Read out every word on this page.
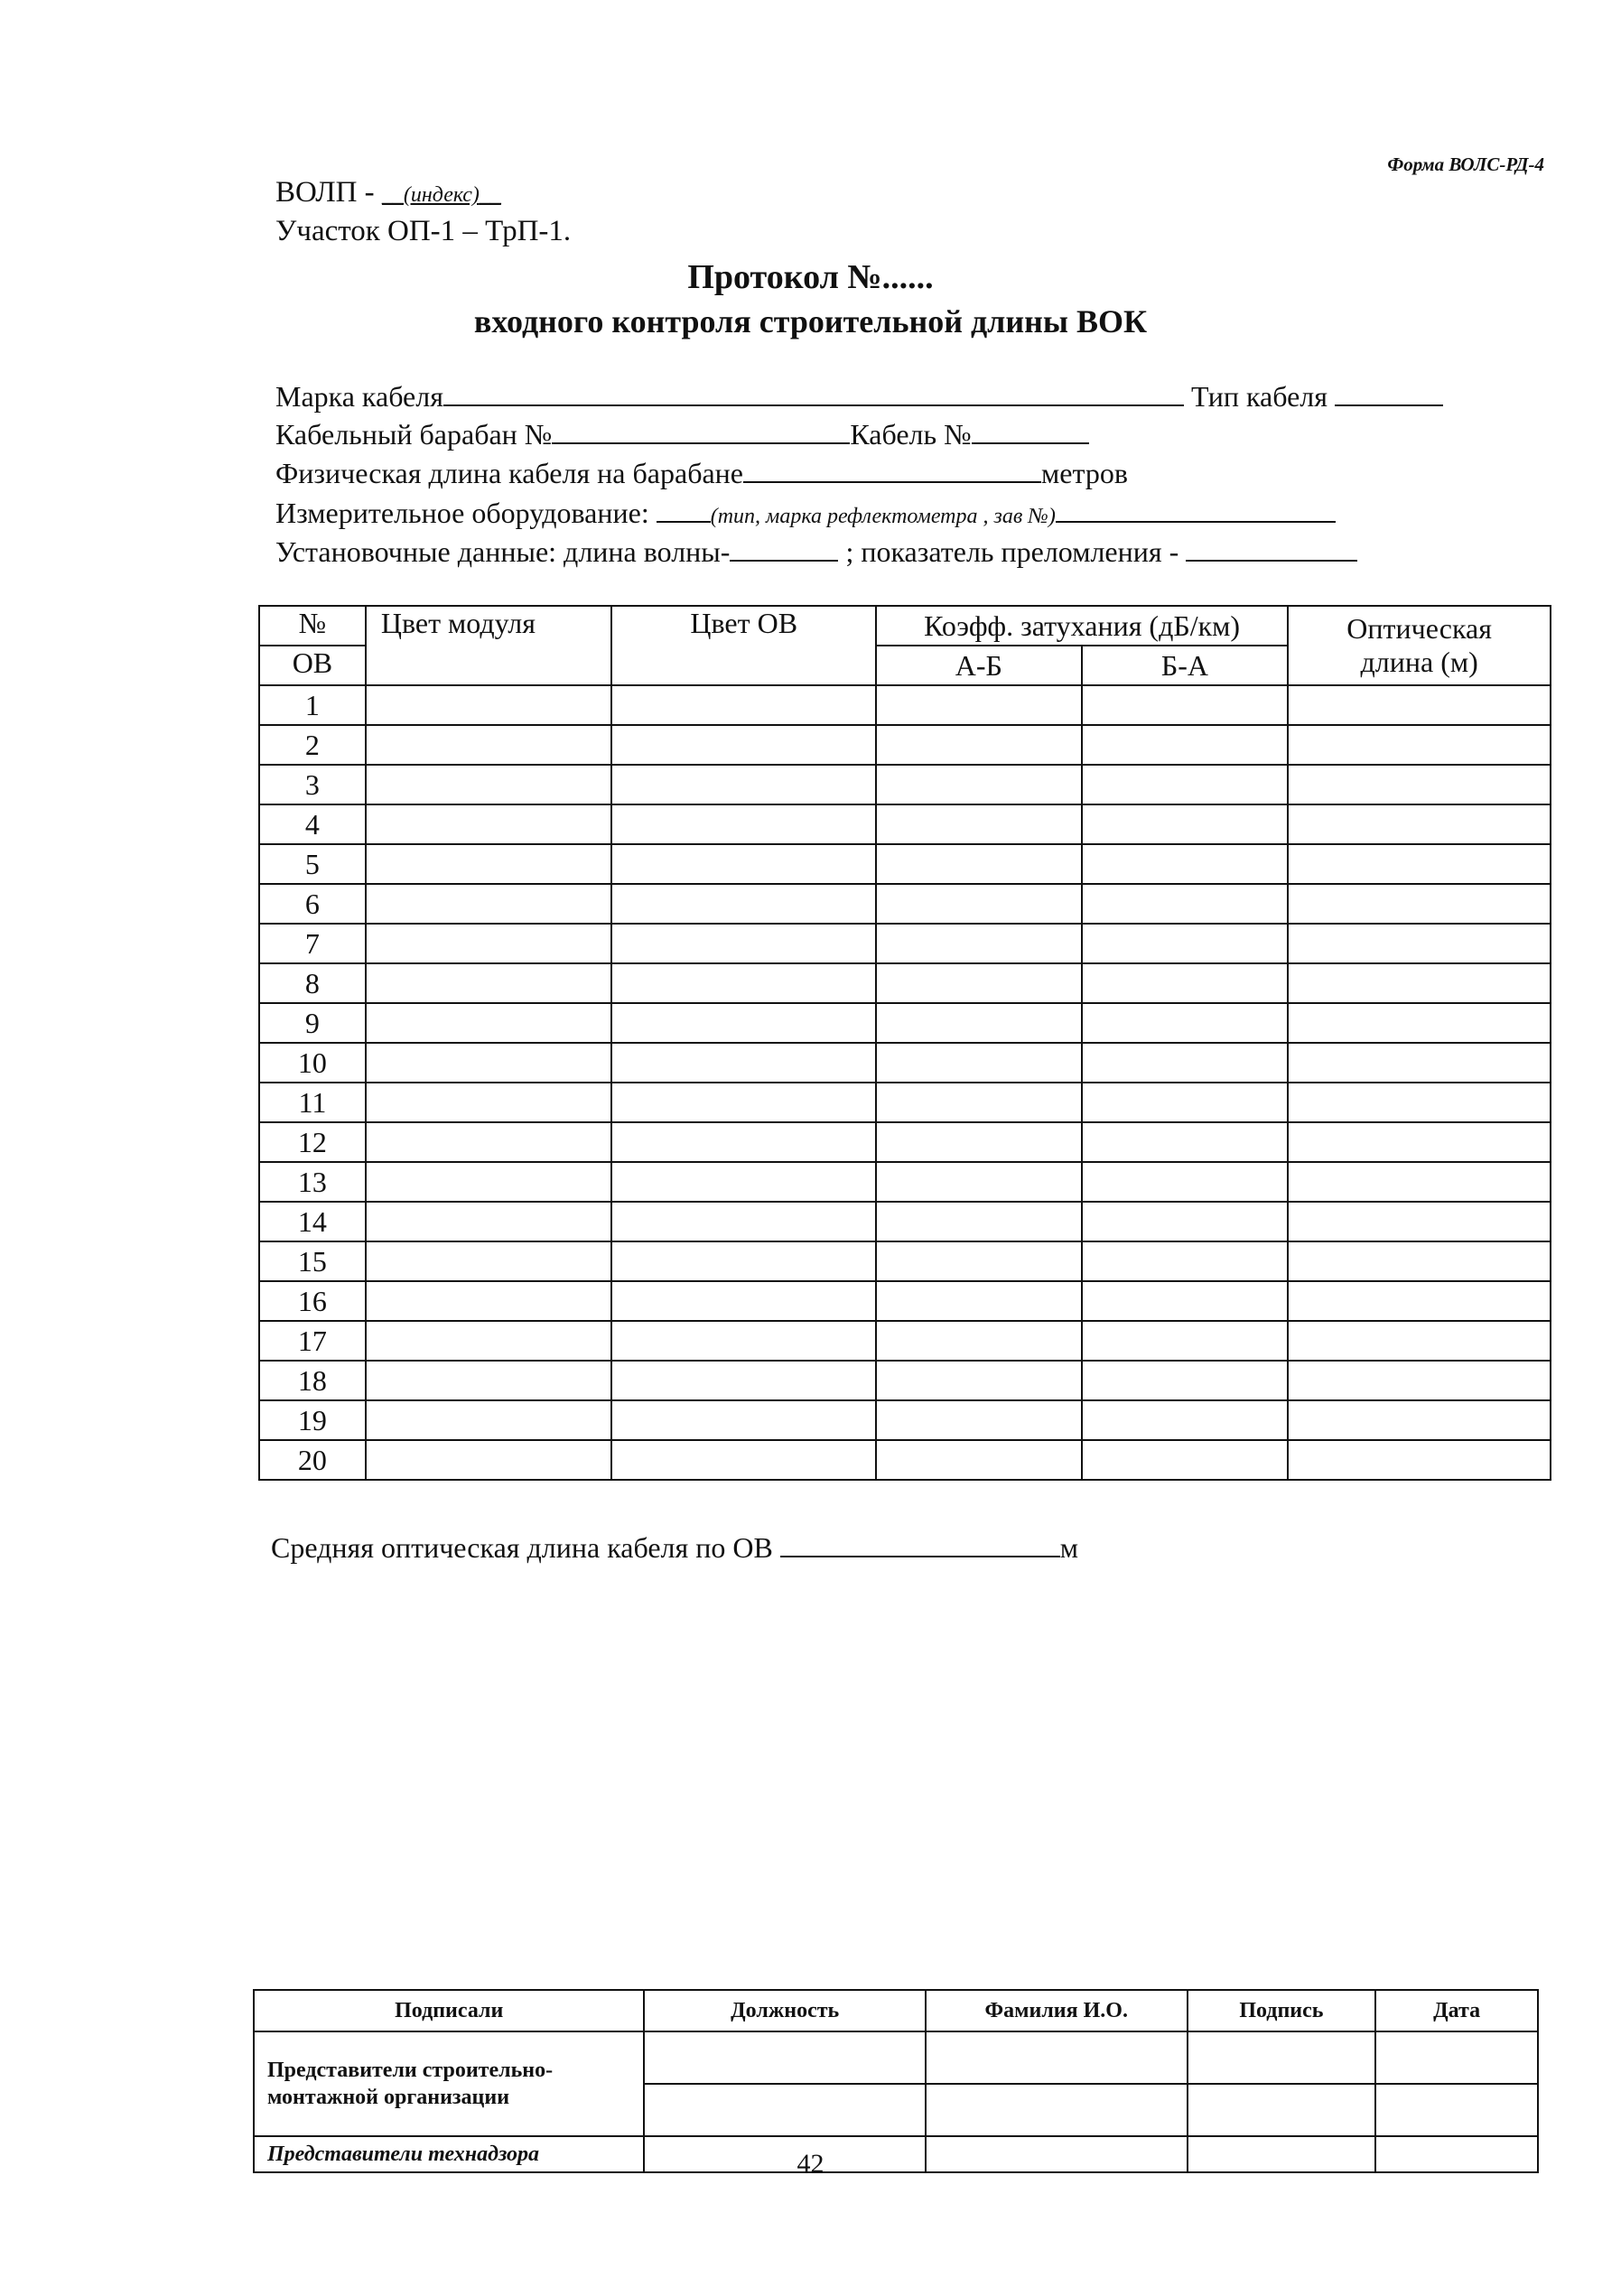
Форма ВОЛС-РД-4
ВОЛП - __(индекс)__
Участок ОП-1 – ТрП-1.
Протокол №......
входного контроля строительной длины ВОК
Марка кабеля	Тип кабеля
Кабельный барабан №	Кабель №
Физическая длина кабеля на барабане	метров
Измерительное оборудование:	(тип, марка рефлектометра , зав №)
Установочные данные: длина волны-	; показатель преломления -
№	Цвет модуля	Цвет ОВ	Коэфф. затухания (дБ/км)		Оптическая
длина (м)
ОВ			А-Б	Б-А	
1					
2					
3					
4					
5					
6					
7					
8					
9					
10					
11					
12					
13					
14					
15					
16					
17					
18					
19					
20					
Средняя оптическая длина кабеля по ОВ	м
Подписали	Должность	Фамилия И.О.	Подпись	Дата
Представители строительно-
монтажной организации				

Представители технадзора					42
